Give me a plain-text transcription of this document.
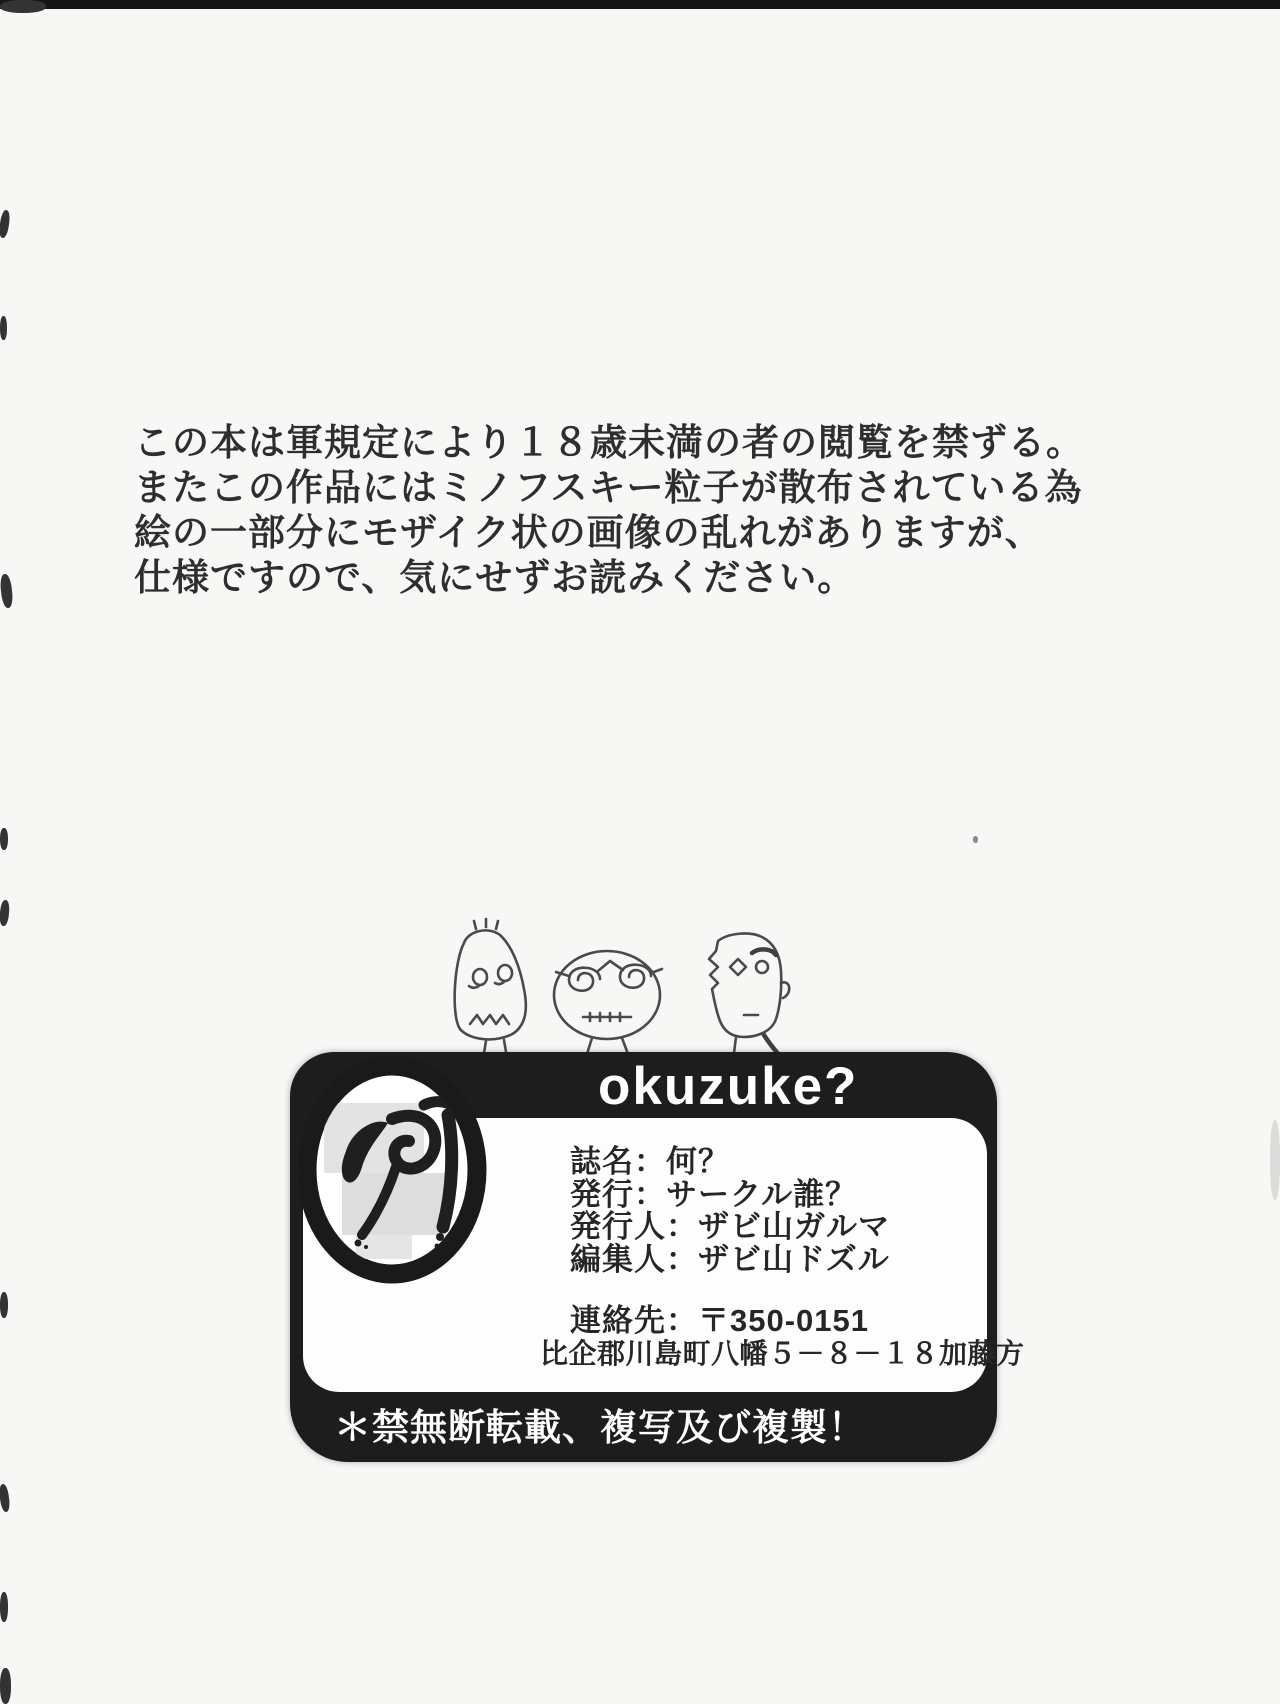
この本は軍規定により１８歳未満の者の閲覧を禁ずる。
またこの作品にはミノフスキー粒子が散布されている為
絵の一部分にモザイク状の画像の乱れがありますが、
仕様ですので、気にせずお読みください。
okuzuke?
誌名：何？
発行：サークル誰？
発行人：ザビ山ガルマ
編集人：ザビ山ドズル
連絡先：〒350-0151
比企郡川島町八幡５－８－１８加藤方
＊禁無断転載、複写及び複製！
